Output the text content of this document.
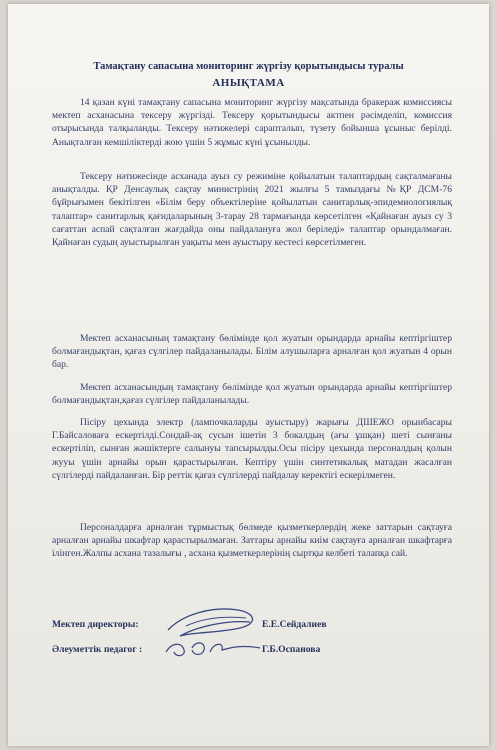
Тамақтану сапасына мониторинг жүргізу қорытындысы туралы
АНЫҚТАМА
14 қазан күні тамақтану сапасына мониторинг жүргізу мақсатында бракераж комиссиясы мектеп асханасына тексеру жүргізді. Тексеру қорытындысы актпен рәсімделіп, комиссия отырысында талқыланды. Тексеру нәтижелері сарапталып, түзету бойынша ұсыныс берілді. Анықталған кемшіліктерді жою үшін 5 жұмыс күні ұсынылды.
Тексеру нәтижесінде асханада ауыз су режиміне қойылатын талаптардың сақталмағаны анықталды. ҚР Денсаулық сақтау министрінің 2021 жылғы 5 тамыздағы №ҚР ДСМ-76 бұйрығымен бекітілген «Білім беру объектілеріне қойылатын санитарлық-эпидемиологиялық талаптар» санитарлық қағидаларының 3-тарау 28 тармағында көрсетілген «Қайнаған ауыз су 3 сағаттан аспай сақталған жағдайда оны пайдалануға жол беріледі» талаптар орындалмаған. Қайнаған судың ауыстырылған уақыты мен ауыстыру кестесі көрсетілмеген.
Мектеп асханасының тамақтану бөлімінде қол жуатын орындарда арнайы кептіргіштер болмағандықтан, қағаз сүлгілер пайдаланылады. Білім алушыларға арналған қол жуатын 4 орын бар.
Мектеп асханасындың тамақтану бөлімінде қол жуатын орындарда арнайы кептіргіштер болмағандықтан,қағаз сүлгілер пайдаланылады.
Пісіру цехында электр (лампочкаларды ауыстыру) жарығы ДШЕЖО орынбасары Г.Байсаловаға ескертілді.Сондай-ақ сусын ішетін 3 бокалдың (ағы ұшқан) шеті сынғаны ескертіліп, сынған жәшіктерге салынуы тапсырылды.Осы пісіру цехында персоналдың қолын жууы үшін арнайы орын қарастырылған. Кептіру үшін синтетикалық матадан жасалған сүлгілерді пайдаланған. Бір реттік қағаз сүлгілерді пайдалау керектігі ескерілмеген.
Персоналдарға арналған тұрмыстық бөлмеде қызметкерлердің жеке заттарын сақтауға арналған арнайы шкафтар қарастырылмаған. Заттары арнайы киім сақтауға арналған шкафтарға ілінген.Жалпы асхана тазалығы , асхана қызметкерлерінің сыртқы келбеті талапқа сай.
Мектеп директоры:	Е.Е.Сейдалиев
Әлеуметтік педагог :	Г.Б.Оспанова
